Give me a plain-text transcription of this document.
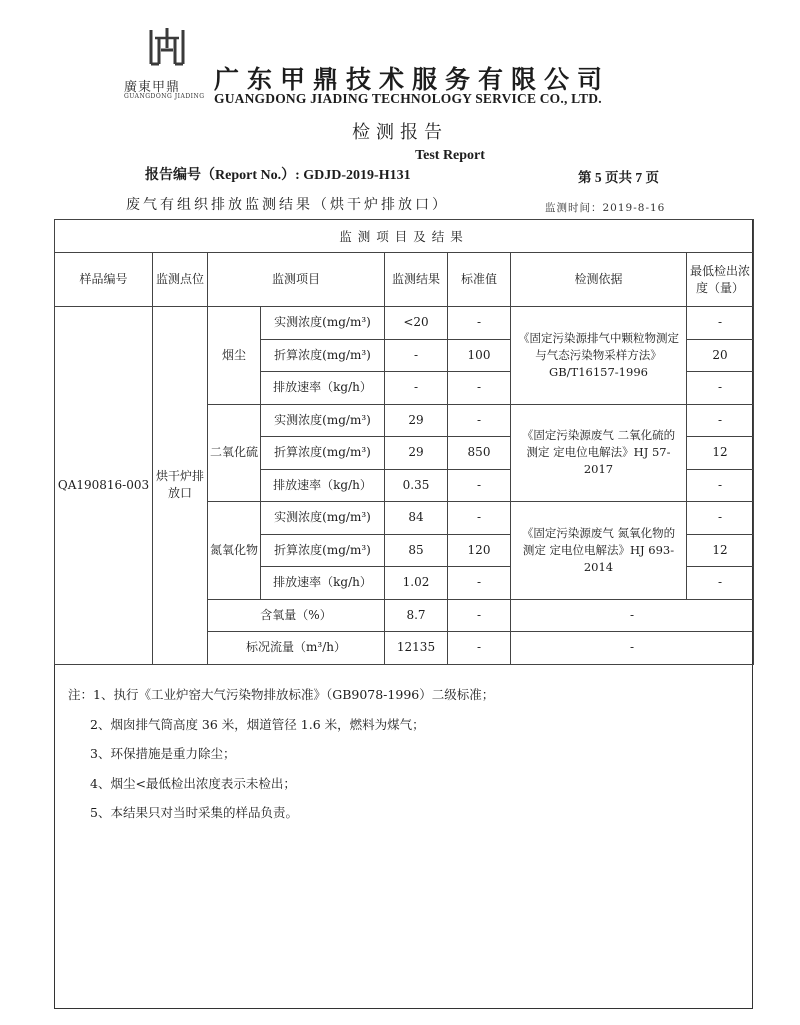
廣東甲鼎
GUANGDONG JIADING
广东甲鼎技术服务有限公司
GUANGDONG JIADING TECHNOLOGY SERVICE CO., LTD.
检测报告
Test Report
报告编号（Report No.）: GDJD-2019-H131	第 5 页共 7 页
废气有组织排放监测结果（烘干炉排放口）	监测时间：2019-8-16
监测项目及结果							
样品编号	监测点位	监测项目		监测结果	标准值	检测依据	最低检出浓度（量）
QA190816-003	烘干炉排放口	烟尘	实测浓度(mg/m³)	<20	-	《固定污染源排气中颗粒物测定与气态污染物采样方法》GB/T16157-1996	-
			折算浓度(mg/m³)	-	100		20
			排放速率（kg/h）	-	-		-
		二氧化硫	实测浓度(mg/m³)	29	-	《固定污染源废气 二氧化硫的测定 定电位电解法》HJ 57-2017	-
			折算浓度(mg/m³)	29	850		12
			排放速率（kg/h）	0.35	-		-
		氮氧化物	实测浓度(mg/m³)	84	-	《固定污染源废气 氮氧化物的测定 定电位电解法》HJ 693-2014	-
			折算浓度(mg/m³)	85	120		12
			排放速率（kg/h）	1.02	-		-
		含氧量（%）		8.7	-	-	
		标况流量（m³/h）		12135	-	-	
注：1、执行《工业炉窑大气污染物排放标准》（GB9078-1996）二级标准；
2、烟囱排气筒高度 36 米，烟道管径 1.6 米，燃料为煤气；
3、环保措施是重力除尘；
4、烟尘<最低检出浓度表示未检出；
5、本结果只对当时采集的样品负责。
